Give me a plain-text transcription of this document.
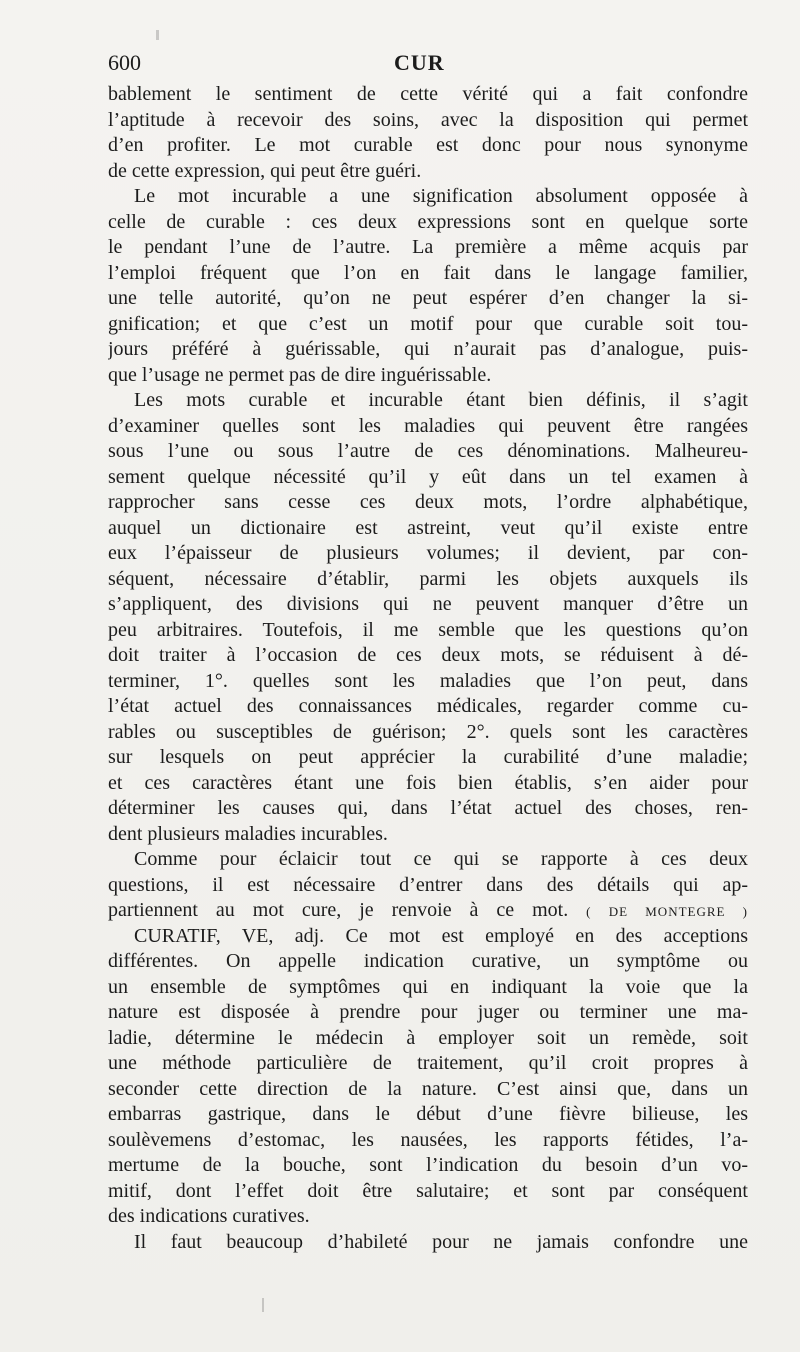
600	CUR
bablement le sentiment de cette vérité qui a fait confondre
l’aptitude à recevoir des soins, avec la disposition qui permet
d’en profiter. Le mot curable est donc pour nous synonyme
de cette expression, qui peut être guéri.
Le mot incurable a une signification absolument opposée à
celle de curable : ces deux expressions sont en quelque sorte
le pendant l’une de l’autre. La première a même acquis par
l’emploi fréquent que l’on en fait dans le langage familier,
une telle autorité, qu’on ne peut espérer d’en changer la si-
gnification; et que c’est un motif pour que curable soit tou-
jours préféré à guérissable, qui n’aurait pas d’analogue, puis-
que l’usage ne permet pas de dire inguérissable.
Les mots curable et incurable étant bien définis, il s’agit
d’examiner quelles sont les maladies qui peuvent être rangées
sous l’une ou sous l’autre de ces dénominations. Malheureu-
sement quelque nécessité qu’il y eût dans un tel examen à
rapprocher sans cesse ces deux mots, l’ordre alphabétique,
auquel un dictionaire est astreint, veut qu’il existe entre
eux l’épaisseur de plusieurs volumes; il devient, par con-
séquent, nécessaire d’établir, parmi les objets auxquels ils
s’appliquent, des divisions qui ne peuvent manquer d’être un
peu arbitraires. Toutefois, il me semble que les questions qu’on
doit traiter à l’occasion de ces deux mots, se réduisent à dé-
terminer, 1°. quelles sont les maladies que l’on peut, dans
l’état actuel des connaissances médicales, regarder comme cu-
rables ou susceptibles de guérison; 2°. quels sont les caractères
sur lesquels on peut apprécier la curabilité d’une maladie;
et ces caractères étant une fois bien établis, s’en aider pour
déterminer les causes qui, dans l’état actuel des choses, ren-
dent plusieurs maladies incurables.
Comme pour éclaicir tout ce qui se rapporte à ces deux
questions, il est nécessaire d’entrer dans des détails qui ap-
partiennent au mot cure, je renvoie à ce mot. ( DE MONTEGRE )
CURATIF, VE, adj. Ce mot est employé en des acceptions
différentes. On appelle indication curative, un symptôme ou
un ensemble de symptômes qui en indiquant la voie que la
nature est disposée à prendre pour juger ou terminer une ma-
ladie, détermine le médecin à employer soit un remède, soit
une méthode particulière de traitement, qu’il croit propres à
seconder cette direction de la nature. C’est ainsi que, dans un
embarras gastrique, dans le début d’une fièvre bilieuse, les
soulèvemens d’estomac, les nausées, les rapports fétides, l’a-
mertume de la bouche, sont l’indication du besoin d’un vo-
mitif, dont l’effet doit être salutaire; et sont par conséquent
des indications curatives.
Il faut beaucoup d’habileté pour ne jamais confondre une
